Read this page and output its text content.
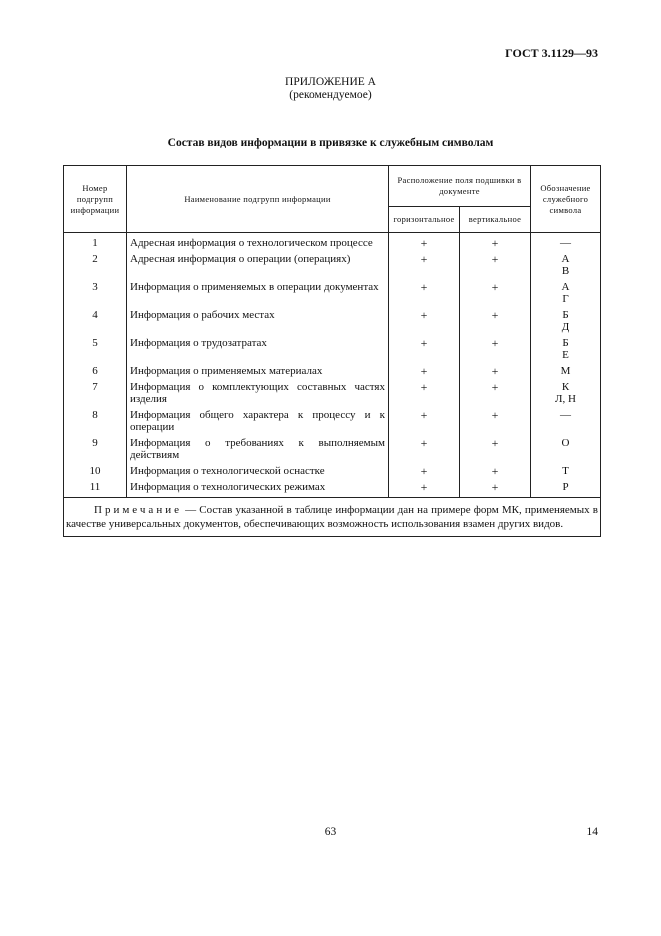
ГОСТ 3.1129—93
ПРИЛОЖЕНИЕ А
(рекомендуемое)
Состав видов информации в привязке к служебным символам
Номер подгрупп информации	Наименование подгрупп информации	Расположение поля подшивки в документе		Обозначение служебного символа
		горизонтальное	вертикальное	
1	Адресная информация о технологическом процессе	+	+	—

2	Адресная информация о операции (операциях)	+	+	А
В

3	Информация о применяемых в операции документах	+	+	А
Г

4	Информация о рабочих местах	+	+	Б
Д

5	Информация о трудозатратах	+	+	Б
Е

6	Информация о применяемых материалах	+	+	М

7	Информация о комплектующих составных частях изделия	+	+	К
Л, Н

8	Информация общего характера к процессу и к операции	+	+	—

9	Информация о требованиях к выполняемым действиям	+	+	О

10	Информация о технологической оснастке	+	+	Т

11	Информация о технологических режимах	+	+	Р

Примечание — Состав указанной в таблице информации дан на примере форм МК, применяемых в качестве универсальных документов, обеспечивающих возможность использования взамен других видов.				
63	14
